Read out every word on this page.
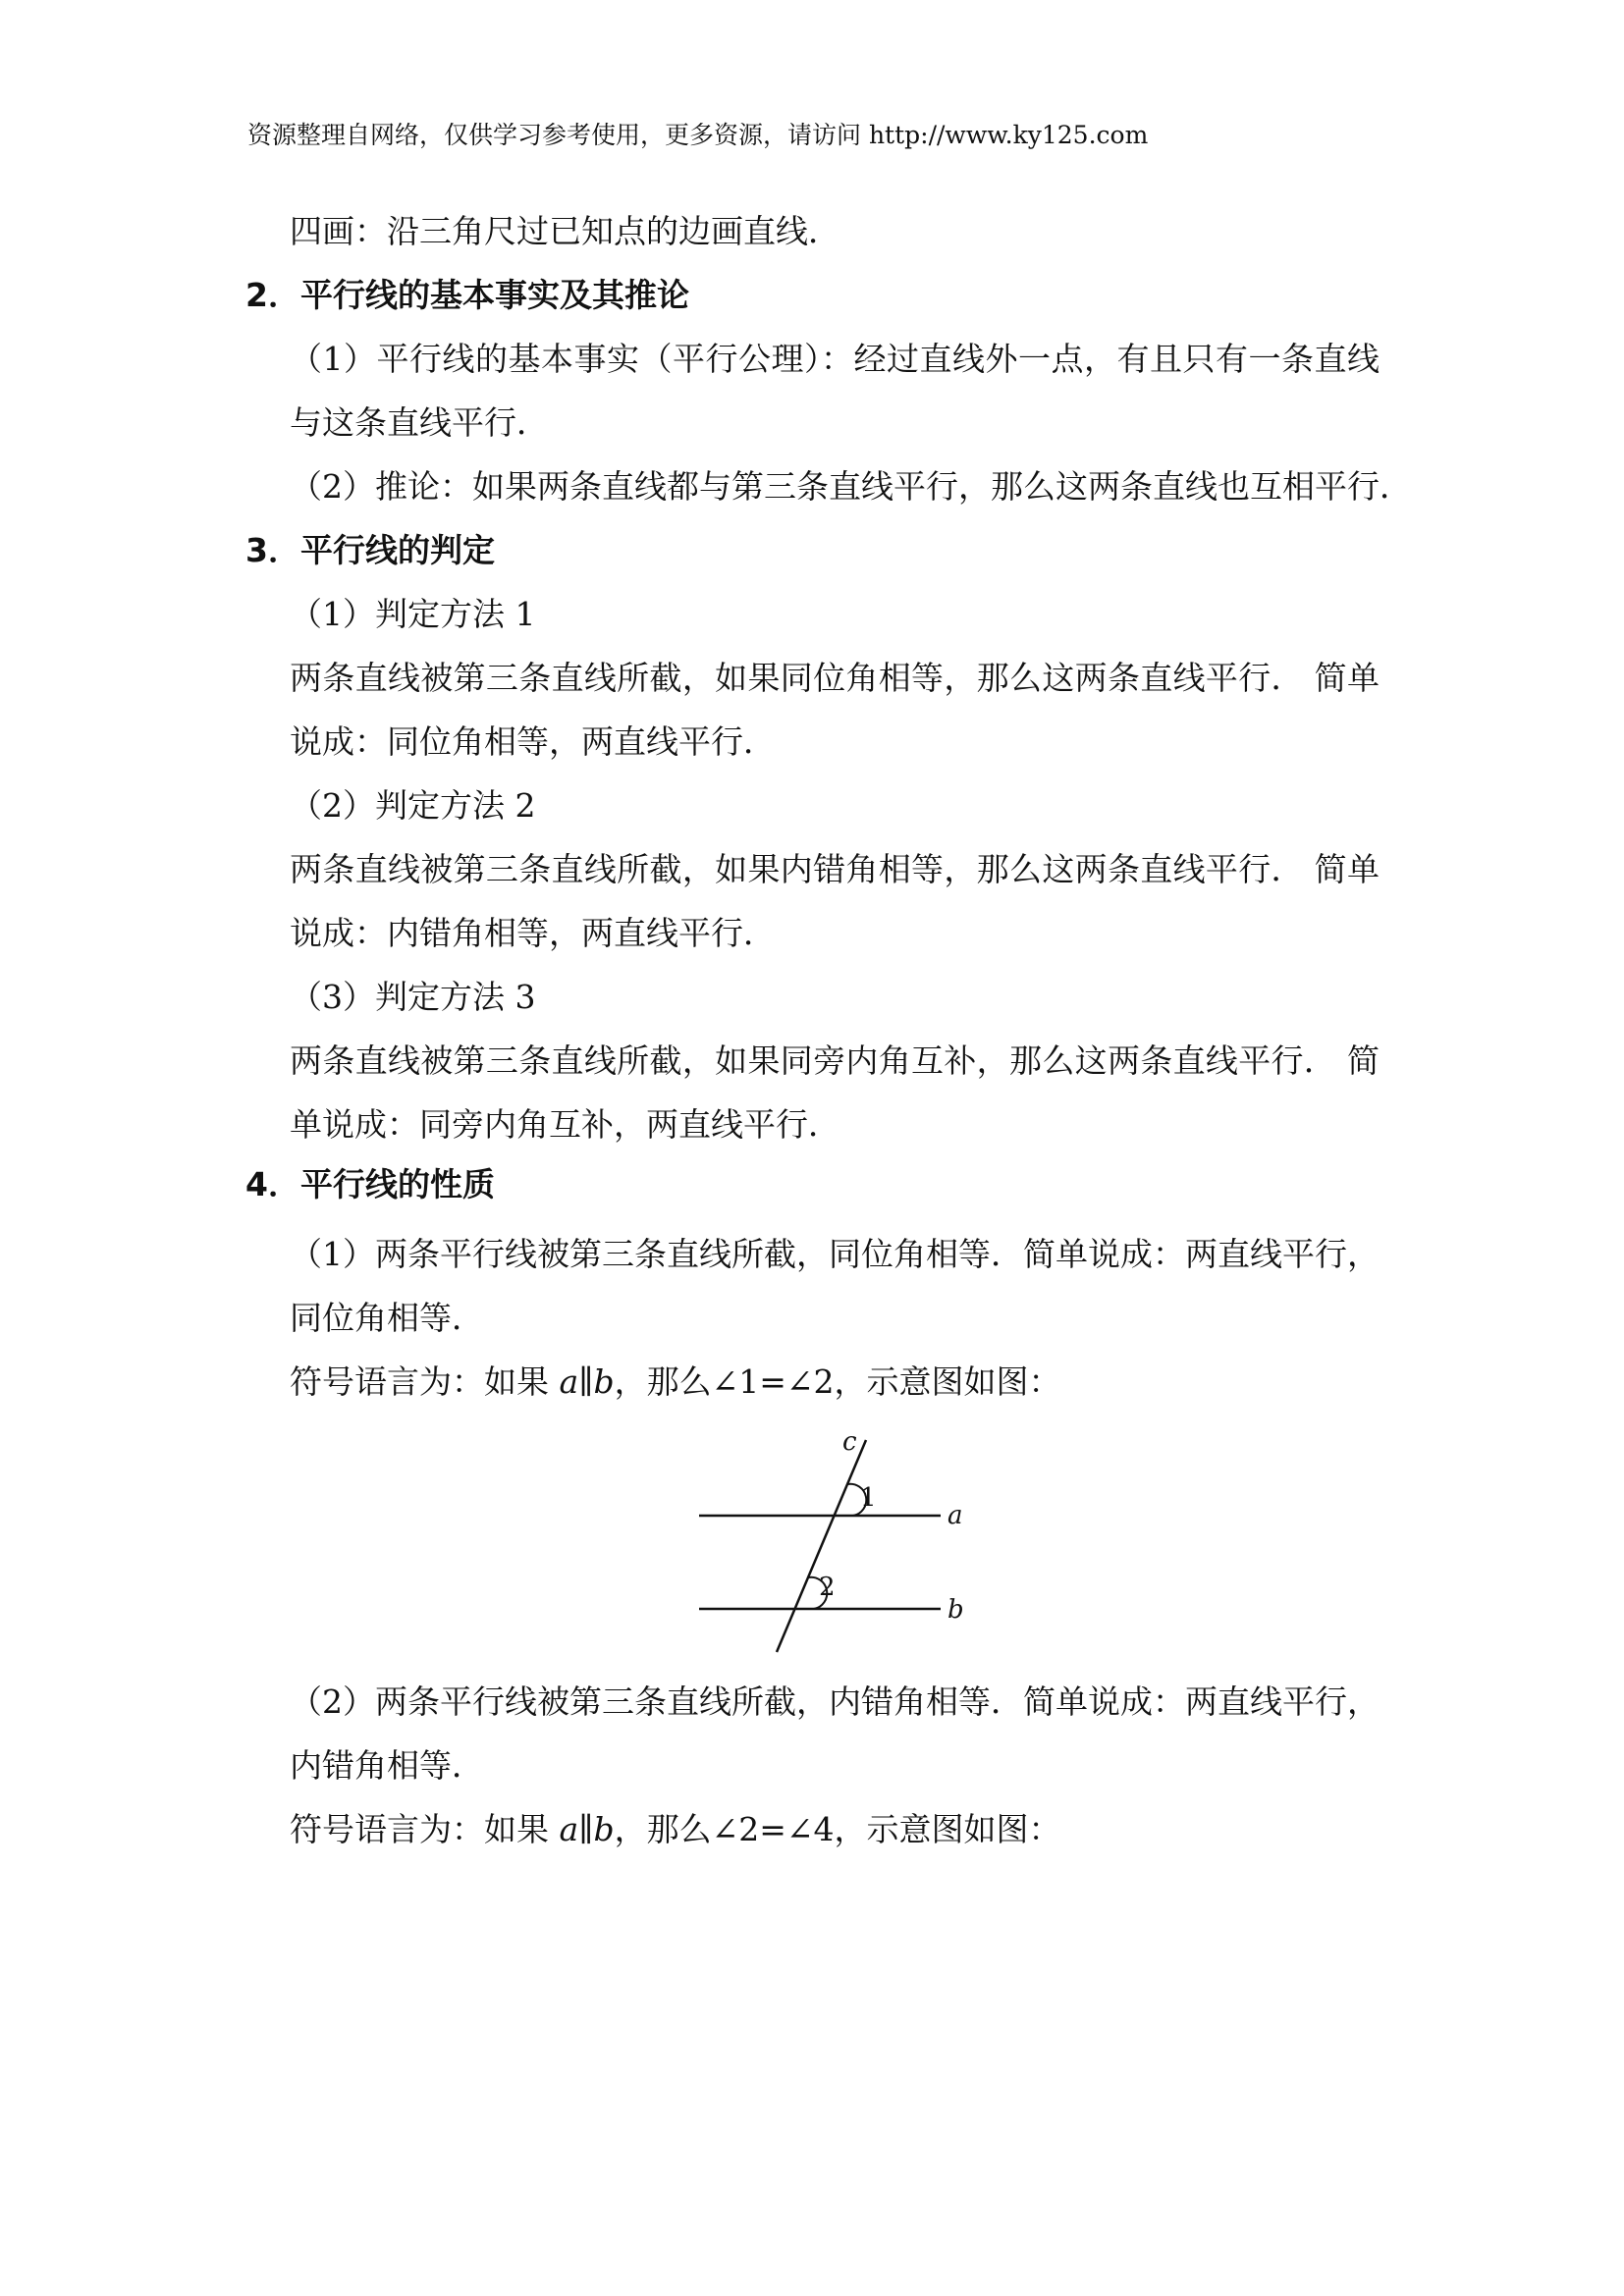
资源整理自网络，仅供学习参考使用，更多资源，请访问 http://www.ky125.com
四画：沿三角尺过已知点的边画直线．
2．平行线的基本事实及其推论
（1）平行线的基本事实（平行公理）：经过直线外一点，有且只有一条直线
与这条直线平行．
（2）推论：如果两条直线都与第三条直线平行，那么这两条直线也互相平行．
3．平行线的判定
（1）判定方法 1
两条直线被第三条直线所截，如果同位角相等，那么这两条直线平行． 简单
说成：同位角相等，两直线平行．
（2）判定方法 2
两条直线被第三条直线所截，如果内错角相等，那么这两条直线平行． 简单
说成：内错角相等，两直线平行．
（3）判定方法 3
两条直线被第三条直线所截，如果同旁内角互补，那么这两条直线平行． 简
单说成：同旁内角互补，两直线平行．
4．平行线的性质
（1）两条平行线被第三条直线所截，同位角相等．简单说成：两直线平行，
同位角相等．
符号语言为：如果 a∥b，那么∠1=∠2，示意图如图：
c
1
a
2
b
（2）两条平行线被第三条直线所截，内错角相等．简单说成：两直线平行，
内错角相等．
符号语言为：如果 a∥b，那么∠2=∠4，示意图如图：
